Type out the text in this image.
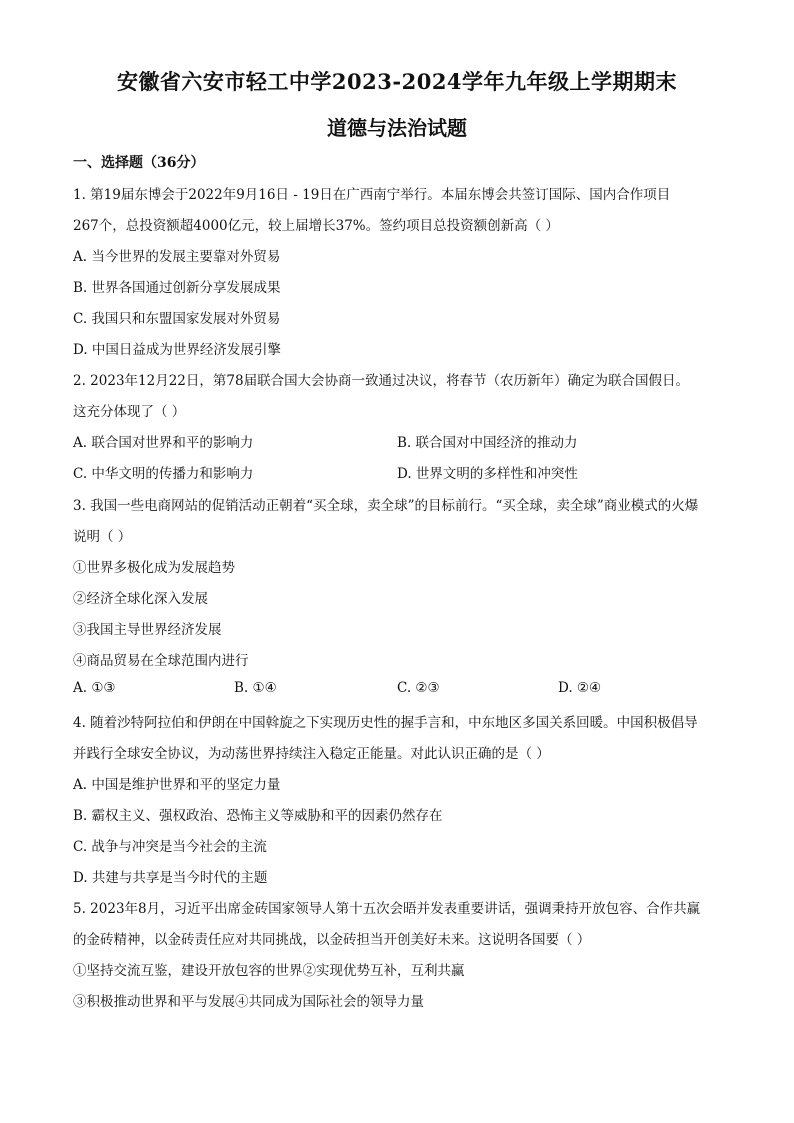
安徽省六安市轻工中学2023-2024学年九年级上学期期末
道德与法治试题
一、选择题（36分）
1. 第19届东博会于2022年9月16日 - 19日在广西南宁举行。本届东博会共签订国际、国内合作项目
267个，总投资额超4000亿元，较上届增长37%。签约项目总投资额创新高（ ）
A. 当今世界的发展主要靠对外贸易
B. 世界各国通过创新分享发展成果
C. 我国只和东盟国家发展对外贸易
D. 中国日益成为世界经济发展引擎
2. 2023年12月22日，第78届联合国大会协商一致通过决议，将春节（农历新年）确定为联合国假日。
这充分体现了（ ）
A. 联合国对世界和平的影响力	B. 联合国对中国经济的推动力
C. 中华文明的传播力和影响力	D. 世界文明的多样性和冲突性
3. 我国一些电商网站的促销活动正朝着“买全球，卖全球”的目标前行。“买全球，卖全球”商业模式的火爆
说明（ ）
①世界多极化成为发展趋势
②经济全球化深入发展
③我国主导世界经济发展
④商品贸易在全球范围内进行
A. ①③	B. ①④	C. ②③	D. ②④
4. 随着沙特阿拉伯和伊朗在中国斡旋之下实现历史性的握手言和，中东地区多国关系回暖。中国积极倡导
并践行全球安全协议，为动荡世界持续注入稳定正能量。对此认识正确的是（ ）
A. 中国是维护世界和平的坚定力量
B. 霸权主义、强权政治、恐怖主义等威胁和平的因素仍然存在
C. 战争与冲突是当今社会的主流
D. 共建与共享是当今时代的主题
5. 2023年8月，习近平出席金砖国家领导人第十五次会晤并发表重要讲话，强调秉持开放包容、合作共赢
的金砖精神，以金砖责任应对共同挑战，以金砖担当开创美好未来。这说明各国要（ ）
①坚持交流互鉴，建设开放包容的世界②实现优势互补，互利共赢
③积极推动世界和平与发展④共同成为国际社会的领导力量
